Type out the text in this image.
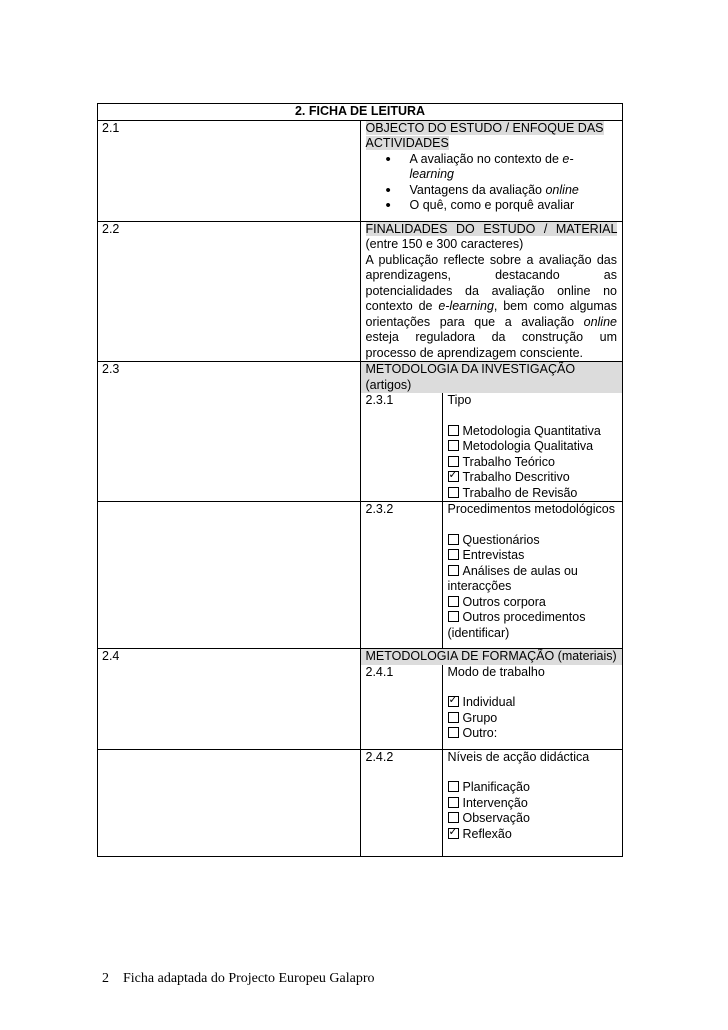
2. FICHA DE LEITURA
2.1	OBJECTO DO ESTUDO / ENFOQUE DAS ACTIVIDADES
• A avaliação no contexto de e-learning
• Vantagens da avaliação online
• O quê, como e porquê avaliar

2.2	FINALIDADES DO ESTUDO / MATERIAL (entre 150 e 300 caracteres)
A publicação reflecte sobre a avaliação das aprendizagens, destacando as potencialidades da avaliação online no contexto de e-learning, bem como algumas orientações para que a avaliação online esteja reguladora da construção um processo de aprendizagem consciente.

2.3	METODOLOGIA DA INVESTIGAÇÃO (artigos)
2.3.1	Tipo
Metodologia Quantitativa
Metodologia Qualitativa
Trabalho Teórico
✓Trabalho Descritivo
Trabalho de Revisão

2.3.2	Procedimentos metodológicos
Questionários
Entrevistas
Análises de aulas ou interacções
Outros corpora
Outros procedimentos (identificar)

2.4	METODOLOGIA DE FORMAÇÃO (materiais)
2.4.1	Modo de trabalho
✓Individual
Grupo
Outro:

2.4.2	Níveis de acção didáctica
Planificação
Intervenção
Observação
✓Reflexão
2 Ficha adaptada do Projecto Europeu Galapro
